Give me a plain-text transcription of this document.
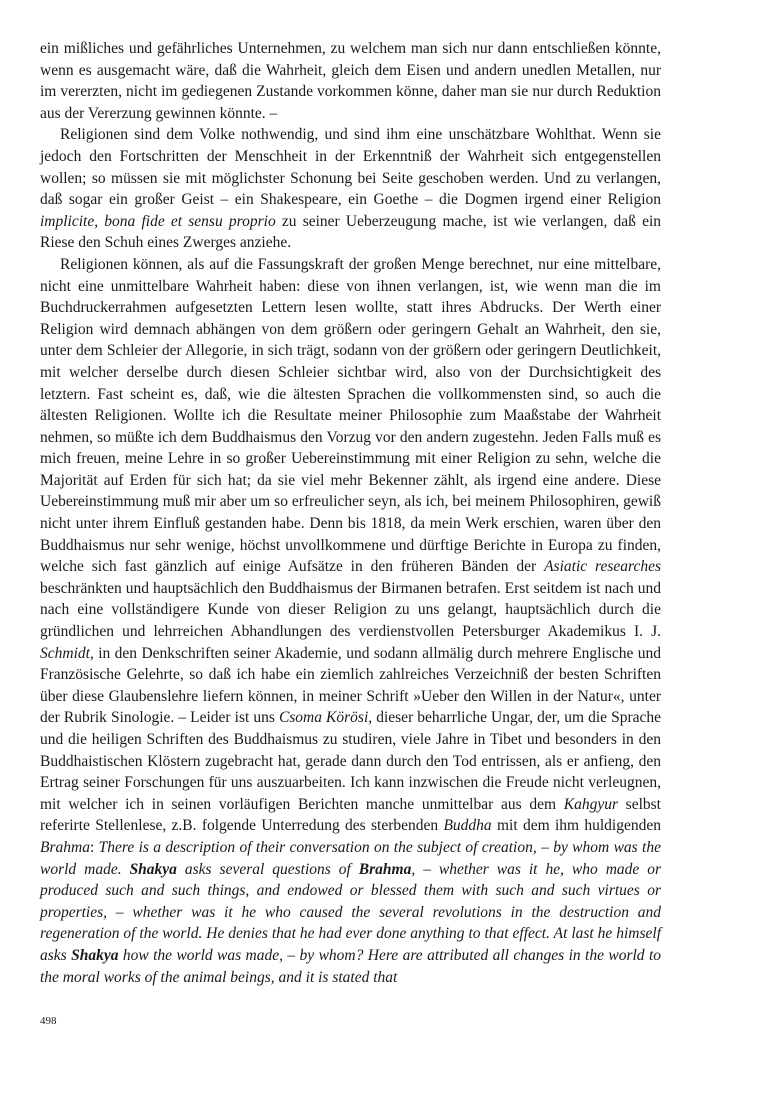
ein mißliches und gefährliches Unternehmen, zu welchem man sich nur dann entschließen könnte, wenn es ausgemacht wäre, daß die Wahrheit, gleich dem Eisen und andern unedlen Metallen, nur im vererzten, nicht im gediegenen Zustande vorkommen könne, daher man sie nur durch Reduktion aus der Vererzung gewinnen könnte. –

Religionen sind dem Volke nothwendig, und sind ihm eine unschätzbare Wohlthat. Wenn sie jedoch den Fortschritten der Menschheit in der Erkenntniß der Wahrheit sich entgegenstellen wollen; so müssen sie mit möglichster Schonung bei Seite geschoben werden. Und zu verlangen, daß sogar ein großer Geist – ein Shakespeare, ein Goethe – die Dogmen irgend einer Religion implicite, bona fide et sensu proprio zu seiner Ueberzeugung mache, ist wie verlangen, daß ein Riese den Schuh eines Zwerges anziehe.

Religionen können, als auf die Fassungskraft der großen Menge berechnet, nur eine mittelbare, nicht eine unmittelbare Wahrheit haben: diese von ihnen verlangen, ist, wie wenn man die im Buchdruckerrahmen aufgesetzten Lettern lesen wollte, statt ihres Abdrucks. Der Werth einer Religion wird demnach abhängen von dem größern oder geringern Gehalt an Wahrheit, den sie, unter dem Schleier der Allegorie, in sich trägt, sodann von der größern oder geringern Deutlichkeit, mit welcher derselbe durch diesen Schleier sichtbar wird, also von der Durchsichtigkeit des letztern. Fast scheint es, daß, wie die ältesten Sprachen die vollkommensten sind, so auch die ältesten Religionen. Wollte ich die Resultate meiner Philosophie zum Maaßstabe der Wahrheit nehmen, so müßte ich dem Buddhaismus den Vorzug vor den andern zugestehn. Jeden Falls muß es mich freuen, meine Lehre in so großer Uebereinstimmung mit einer Religion zu sehn, welche die Majorität auf Erden für sich hat; da sie viel mehr Bekenner zählt, als irgend eine andere. Diese Uebereinstimmung muß mir aber um so erfreulicher seyn, als ich, bei meinem Philosophiren, gewiß nicht unter ihrem Einfluß gestanden habe. Denn bis 1818, da mein Werk erschien, waren über den Buddhaismus nur sehr wenige, höchst unvollkommene und dürftige Berichte in Europa zu finden, welche sich fast gänzlich auf einige Aufsätze in den früheren Bänden der Asiatic researches beschränkten und hauptsächlich den Buddhaismus der Birmanen betrafen. Erst seitdem ist nach und nach eine vollständigere Kunde von dieser Religion zu uns gelangt, hauptsächlich durch die gründlichen und lehrreichen Abhandlungen des verdienstvollen Petersburger Akademikus I. J. Schmidt, in den Denkschriften seiner Akademie, und sodann allmälig durch mehrere Englische und Französische Gelehrte, so daß ich habe ein ziemlich zahlreiches Verzeichniß der besten Schriften über diese Glaubenslehre liefern können, in meiner Schrift »Ueber den Willen in der Natur«, unter der Rubrik Sinologie. – Leider ist uns Csoma Körösi, dieser beharrliche Ungar, der, um die Sprache und die heiligen Schriften des Buddhaismus zu studiren, viele Jahre in Tibet und besonders in den Buddhaistischen Klöstern zugebracht hat, gerade dann durch den Tod entrissen, als er anfieng, den Ertrag seiner Forschungen für uns auszuarbeiten. Ich kann inzwischen die Freude nicht verleugnen, mit welcher ich in seinen vorläufigen Berichten manche unmittelbar aus dem Kahgyur selbst referirte Stellenlese, z.B. folgende Unterredung des sterbenden Buddha mit dem ihm huldigenden Brahma: There is a description of their conversation on the subject of creation, – by whom was the world made. Shakya asks several questions of Brahma, – whether was it he, who made or produced such and such things, and endowed or blessed them with such and such virtues or properties, – whether was it he who caused the several revolutions in the destruction and regeneration of the world. He denies that he had ever done anything to that effect. At last he himself asks Shakya how the world was made, – by whom? Here are attributed all changes in the world to the moral works of the animal beings, and it is stated that

498
